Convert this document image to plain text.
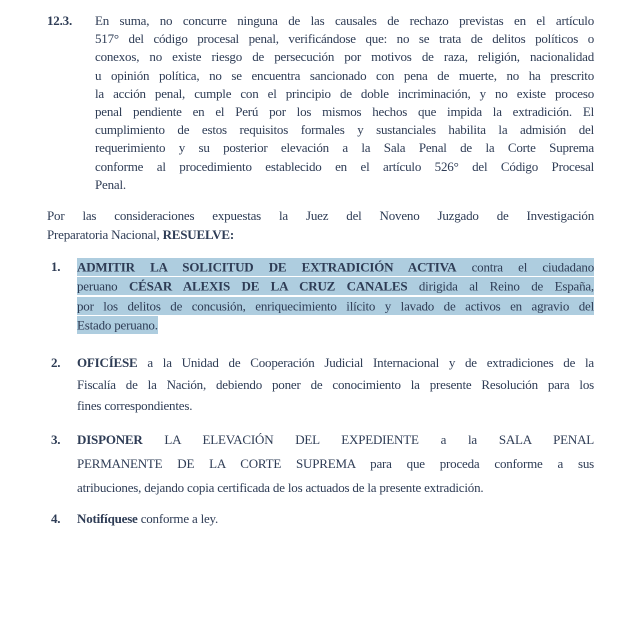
12.3.	En suma, no concurre ninguna de las causales de rechazo previstas en el artículo
517° del código procesal penal, verificándose que: no se trata de delitos políticos o
conexos, no existe riesgo de persecución por motivos de raza, religión, nacionalidad
u opinión política, no se encuentra sancionado con pena de muerte, no ha prescrito
la acción penal, cumple con el principio de doble incriminación, y no existe proceso
penal pendiente en el Perú por los mismos hechos que impida la extradición. El
cumplimiento de estos requisitos formales y sustanciales habilita la admisión del
requerimiento y su posterior elevación a la Sala Penal de la Corte Suprema
conforme al procedimiento establecido en el artículo 526° del Código Procesal
Penal.
Por las consideraciones expuestas la Juez del Noveno Juzgado de Investigación
Preparatoria Nacional, RESUELVE:
1.	ADMITIR LA SOLICITUD DE EXTRADICIÓN ACTIVA contra el ciudadano
peruano CÉSAR ALEXIS DE LA CRUZ CANALES dirigida al Reino de España,
por los delitos de concusión, enriquecimiento ilícito y lavado de activos en agravio del
Estado peruano.
2.	OFICÍESE a la Unidad de Cooperación Judicial Internacional y de extradiciones de la
Fiscalía de la Nación, debiendo poner de conocimiento la presente Resolución para los
fines correspondientes.
3.	DISPONER LA ELEVACIÓN DEL EXPEDIENTE a la SALA PENAL
PERMANENTE DE LA CORTE SUPREMA para que proceda conforme a sus
atribuciones, dejando copia certificada de los actuados de la presente extradición.
4.	Notifíquese conforme a ley.
